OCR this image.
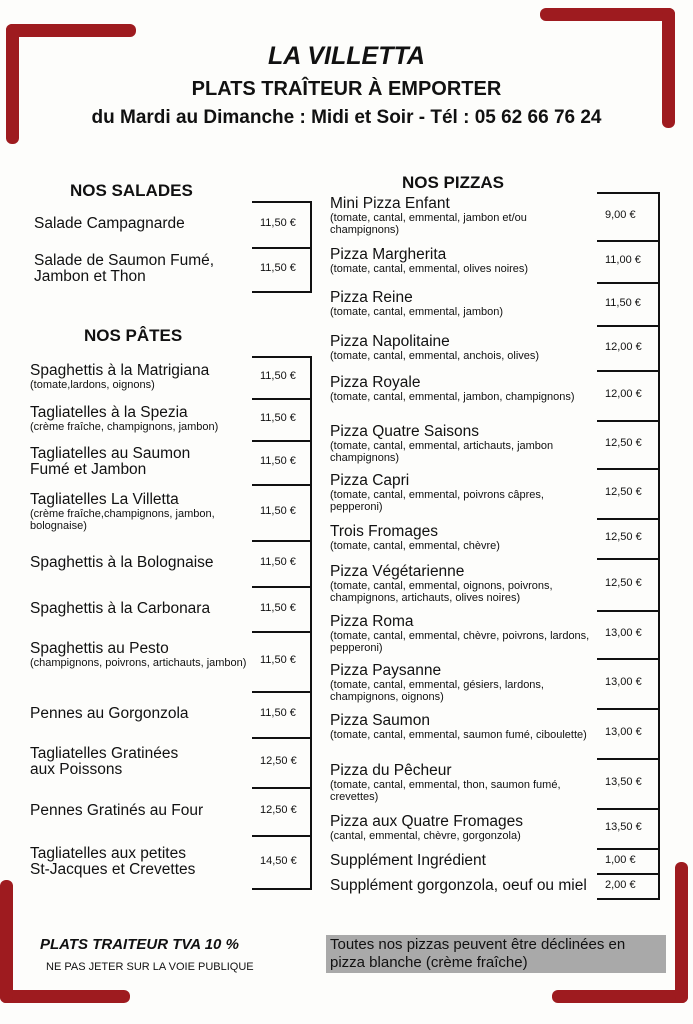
LA VILLETTA
PLATS TRAÎTEUR À EMPORTER
du Mardi au Dimanche : Midi et Soir - Tél : 05 62 66 76 24
NOS SALADES
NOS PÂTES
NOS PIZZAS
Salade Campagnarde	11,50 €
Salade de Saumon Fumé,
Jambon et Thon	11,50 €
Spaghettis à la Matrigiana
(tomate,lardons, oignons)
11,50 €
Tagliatelles à la Spezia
(crème fraîche, champignons, jambon)
11,50 €
Tagliatelles au Saumon
Fumé et Jambon	11,50 €
Tagliatelles La Villetta
(crème fraîche,champignons, jambon, bolognaise)
11,50 €
Spaghettis à la Bolognaise	11,50 €
Spaghettis à la Carbonara	11,50 €
Spaghettis au Pesto
(champignons, poivrons, artichauts, jambon) 11,50 €
Pennes au Gorgonzola	11,50 €
Tagliatelles Gratinées
aux Poissons	12,50 €
Pennes Gratinés au Four	12,50 €
Tagliatelles aux petites
St-Jacques et Crevettes	14,50 €
Mini Pizza Enfant
(tomate, cantal, emmental, jambon et/ou champignons)
9,00 €
Pizza Margherita
(tomate, cantal, emmental, olives noires)
11,00 €
Pizza Reine
(tomate, cantal, emmental, jambon)
11,50 €
Pizza Napolitaine
(tomate, cantal, emmental, anchois, olives)
12,00 €
Pizza Royale
(tomate, cantal, emmental, jambon, champignons)	12,00 €
Pizza Quatre Saisons
(tomate, cantal, emmental, artichauts, jambon champignons)
12,50 €
Pizza Capri
(tomate, cantal, emmental, poivrons câpres, pepperoni)
12,50 €
Trois Fromages
(tomate, cantal, emmental, chèvre)
12,50 €
Pizza Végétarienne
(tomate, cantal, emmental, oignons, poivrons, champignons, artichauts, olives noires)
12,50 €
Pizza Roma
(tomate, cantal, emmental, chèvre, poivrons, lardons, pepperoni)
13,00 €
Pizza Paysanne
(tomate, cantal, emmental, gésiers, lardons, champignons, oignons)
13,00 €
Pizza Saumon
(tomate, cantal, emmental, saumon fumé, ciboulette)	13,00 €
Pizza du Pêcheur
(tomate, cantal, emmental, thon, saumon fumé, crevettes)
13,50 €
Pizza aux Quatre Fromages
(cantal, emmental, chèvre, gorgonzola)
13,50 €
Supplément Ingrédient	1,00 €
Supplément gorgonzola, oeuf ou miel	2,00 €
PLATS TRAITEUR TVA 10 %
NE PAS JETER SUR LA VOIE PUBLIQUE
Toutes nos pizzas peuvent être déclinées en pizza blanche (crème fraîche)
